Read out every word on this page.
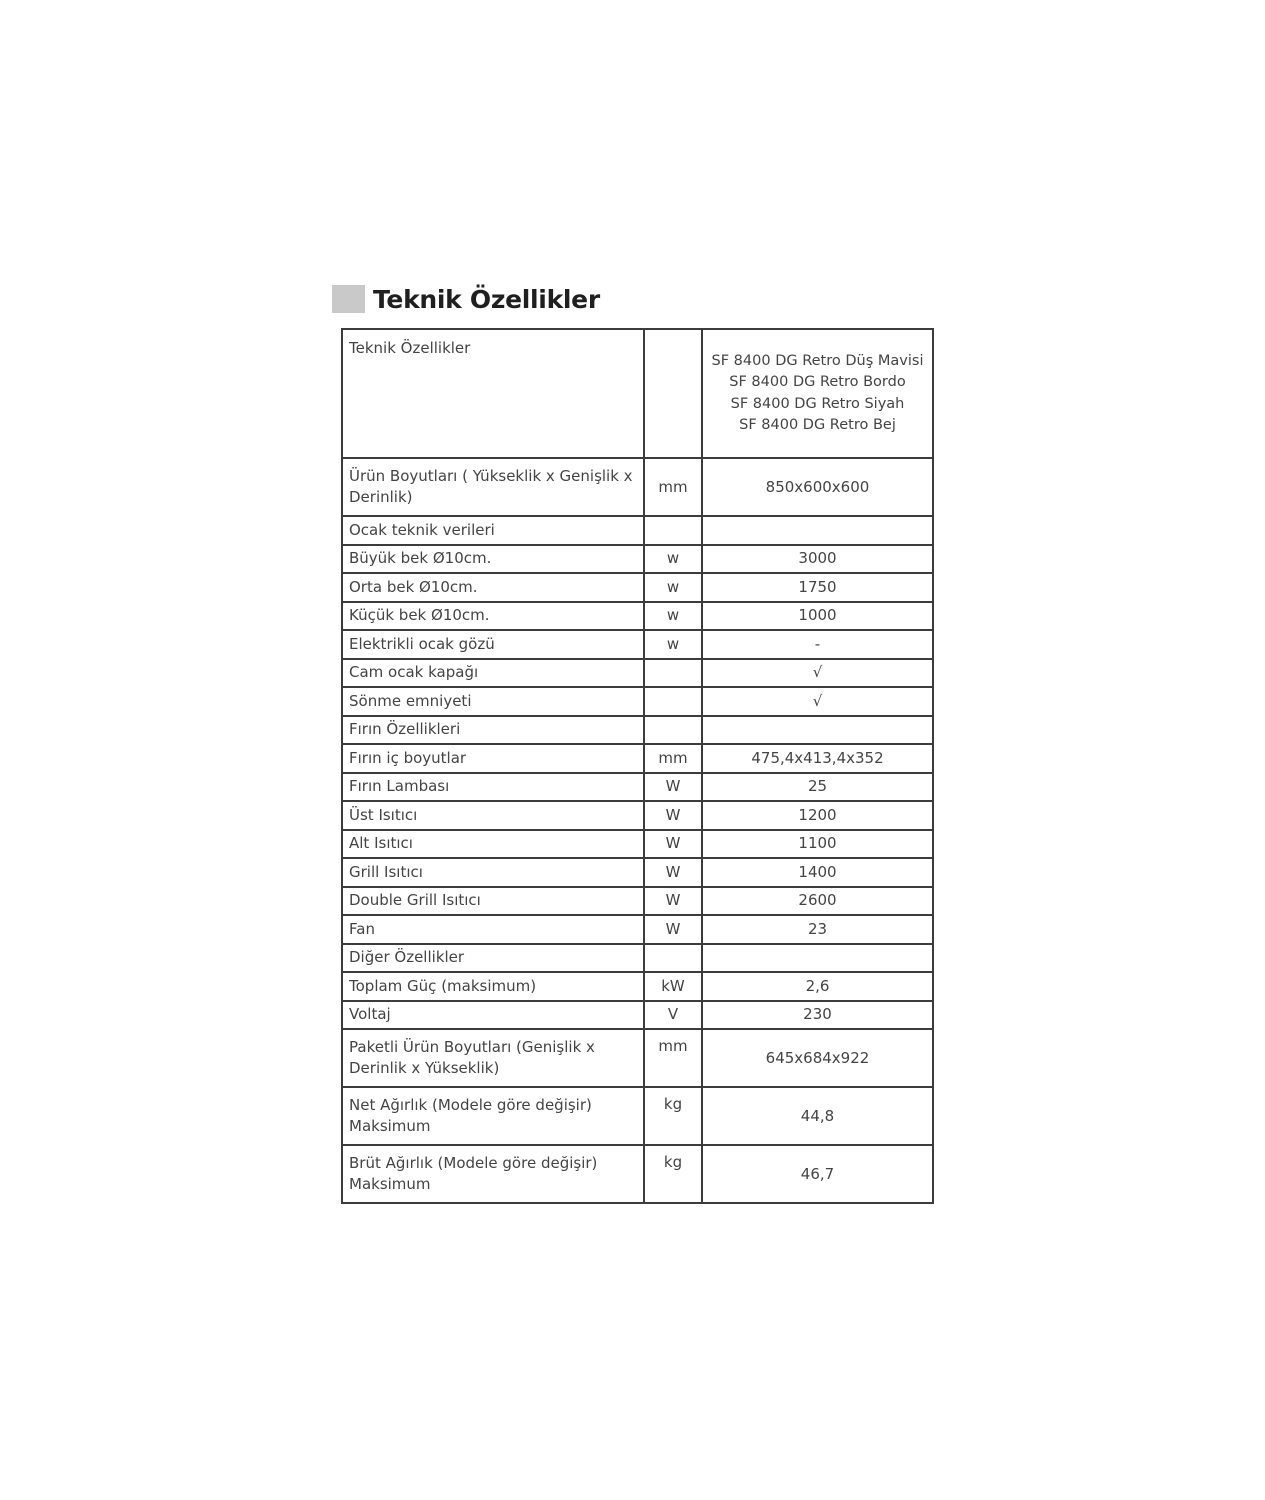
Teknik Özellikler
Teknik Özellikler		SF 8400 DG Retro Düş Mavisi
SF 8400 DG Retro Bordo
SF 8400 DG Retro Siyah
SF 8400 DG Retro Bej

Ürün Boyutları ( Yükseklik x Genişlik x Derinlik)	mm	850x600x600
Ocak teknik verileri		
Büyük bek Ø10cm.	w	3000
Orta bek Ø10cm.	w	1750
Küçük bek Ø10cm.	w	1000
Elektrikli ocak gözü	w	-
Cam ocak kapağı		√
Sönme emniyeti		√
Fırın Özellikleri		
Fırın iç boyutlar	mm	475,4x413,4x352
Fırın Lambası	W	25
Üst Isıtıcı	W	1200
Alt Isıtıcı	W	1100
Grill Isıtıcı	W	1400
Double Grill Isıtıcı	W	2600
Fan	W	23
Diğer Özellikler		
Toplam Güç (maksimum)	kW	2,6
Voltaj	V	230
Paketli Ürün Boyutları (Genişlik x Derinlik x Yükseklik)	mm	645x684x922
Net Ağırlık (Modele göre değişir) Maksimum	kg	44,8
Brüt Ağırlık (Modele göre değişir) Maksimum	kg	46,7
